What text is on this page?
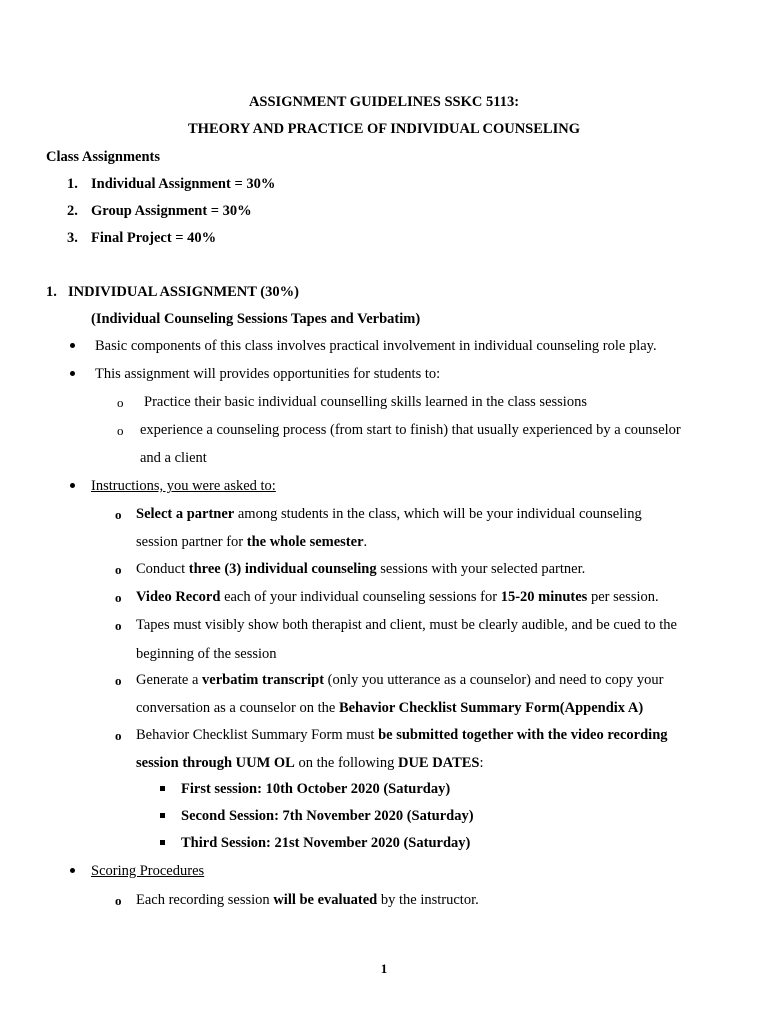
ASSIGNMENT GUIDELINES SSKC 5113:
THEORY AND PRACTICE OF INDIVIDUAL COUNSELING
Class Assignments
1. Individual Assignment = 30%
2. Group Assignment = 30%
3. Final Project = 40%
1. INDIVIDUAL ASSIGNMENT (30%)
(Individual Counseling Sessions Tapes and Verbatim)
Basic components of this class involves practical involvement in individual counseling role play.
This assignment will provides opportunities for students to:
o Practice their basic individual counselling skills learned in the class sessions
o experience a counseling process (from start to finish) that usually experienced by a counselor
and a client
Instructions, you were asked to:
o Select a partner among students in the class, which will be your individual counseling
session partner for the whole semester.
o Conduct three (3) individual counseling sessions with your selected partner.
o Video Record each of your individual counseling sessions for 15-20 minutes per session.
o Tapes must visibly show both therapist and client, must be clearly audible, and be cued to the
beginning of the session
o Generate a verbatim transcript (only you utterance as a counselor) and need to copy your
conversation as a counselor on the Behavior Checklist Summary Form(Appendix A)
o Behavior Checklist Summary Form must be submitted together with the video recording
session through UUM OL on the following DUE DATES:
First session: 10th October 2020 (Saturday)
Second Session: 7th November 2020 (Saturday)
Third Session: 21st November 2020 (Saturday)
Scoring Procedures
o Each recording session will be evaluated by the instructor.
1
